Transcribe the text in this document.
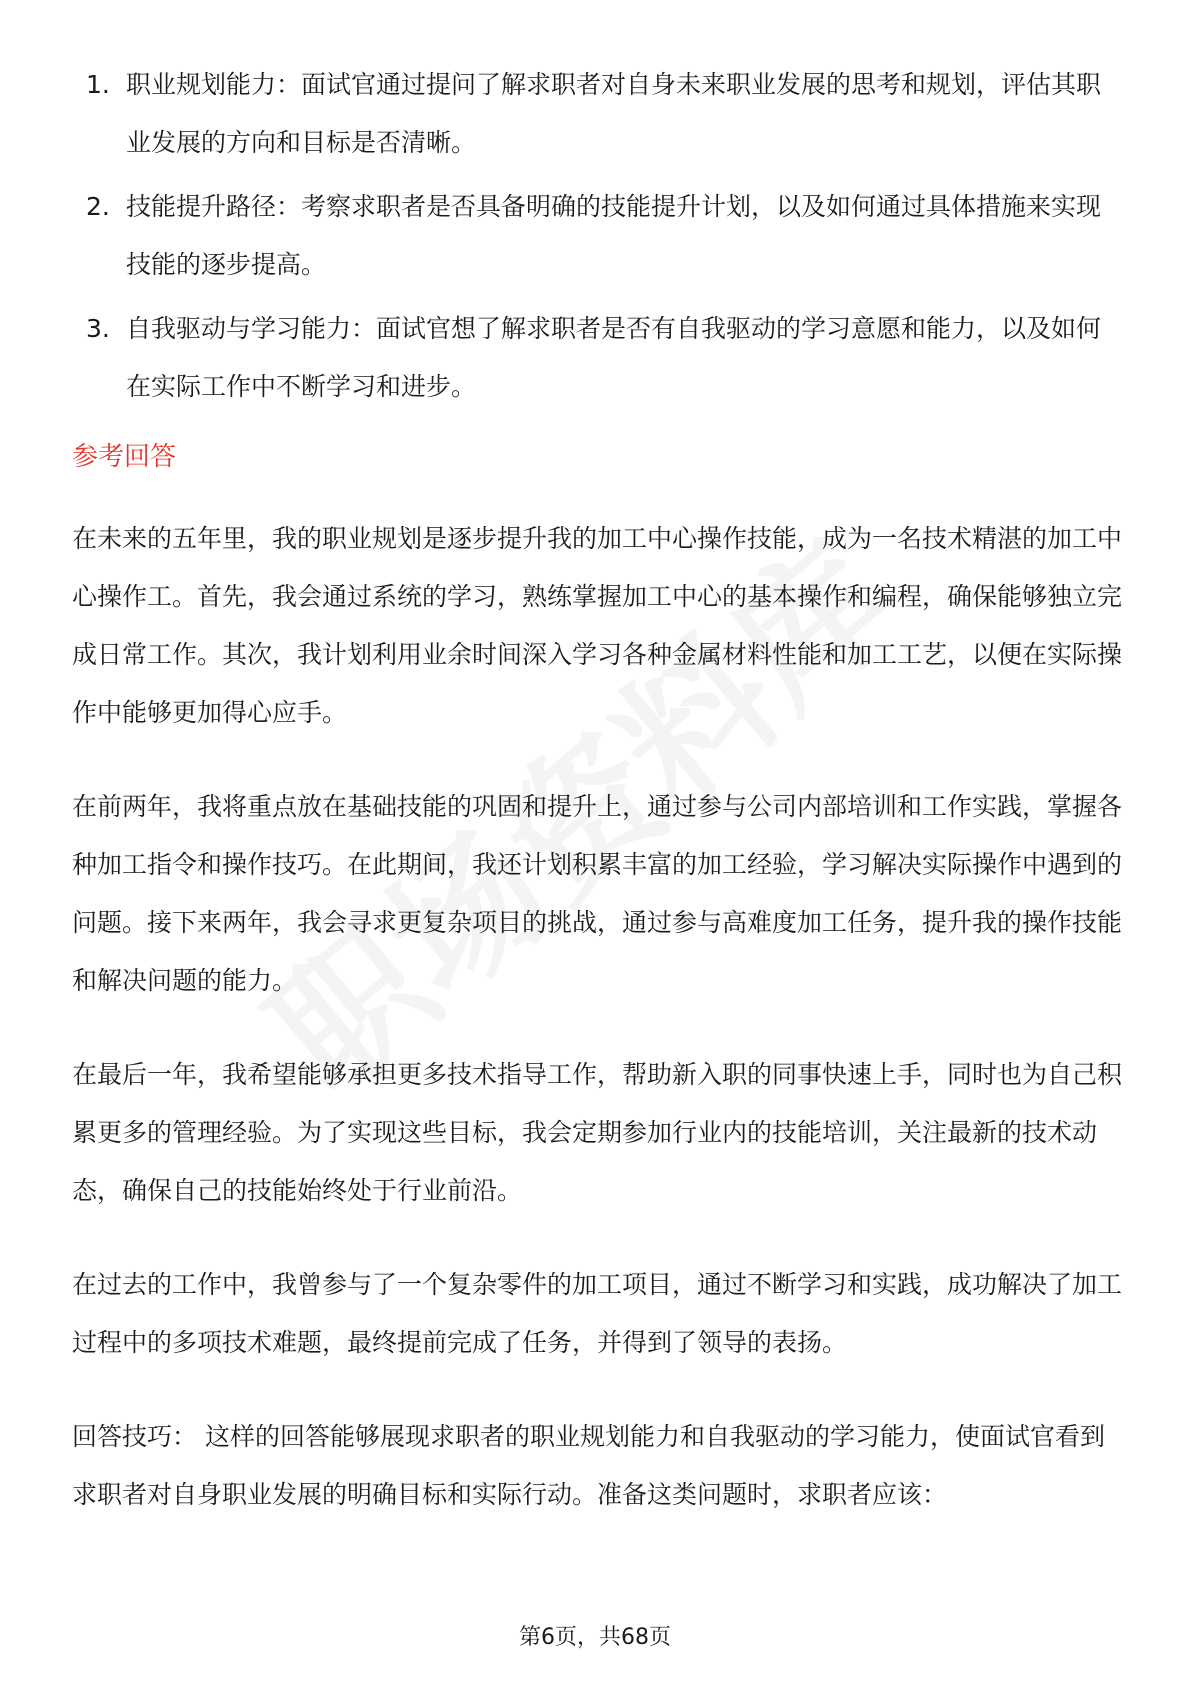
1. 职业规划能力：面试官通过提问了解求职者对自身未来职业发展的思考和规划，评估其职业发展的方向和目标是否清晰。
2. 技能提升路径：考察求职者是否具备明确的技能提升计划，以及如何通过具体措施来实现技能的逐步提高。
3. 自我驱动与学习能力：面试官想了解求职者是否有自我驱动的学习意愿和能力，以及如何在实际工作中不断学习和进步。
参考回答

在未来的五年里，我的职业规划是逐步提升我的加工中心操作技能，成为一名技术精湛的加工中心操作工。首先，我会通过系统的学习，熟练掌握加工中心的基本操作和编程，确保能够独立完成日常工作。其次，我计划利用业余时间深入学习各种金属材料性能和加工工艺，以便在实际操作中能够更加得心应手。

在前两年，我将重点放在基础技能的巩固和提升上，通过参与公司内部培训和工作实践，掌握各种加工指令和操作技巧。在此期间，我还计划积累丰富的加工经验，学习解决实际操作中遇到的问题。接下来两年，我会寻求更复杂项目的挑战，通过参与高难度加工任务，提升我的操作技能和解决问题的能力。

在最后一年，我希望能够承担更多技术指导工作，帮助新入职的同事快速上手，同时也为自己积累更多的管理经验。为了实现这些目标，我会定期参加行业内的技能培训，关注最新的技术动态，确保自己的技能始终处于行业前沿。

在过去的工作中，我曾参与了一个复杂零件的加工项目，通过不断学习和实践，成功解决了加工过程中的多项技术难题，最终提前完成了任务，并得到了领导的表扬。

回答技巧： 这样的回答能够展现求职者的职业规划能力和自我驱动的学习能力，使面试官看到求职者对自身职业发展的明确目标和实际行动。准备这类问题时，求职者应该：

第6页，共68页
